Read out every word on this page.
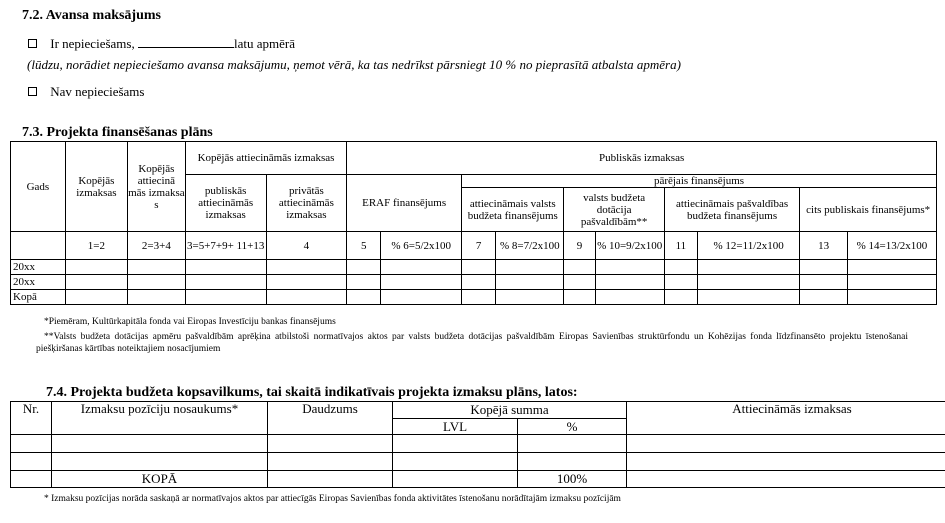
7.2. Avansa maksājums
Ir nepieciešams,	latu apmērā
(lūdzu, norādiet nepieciešamo avansa maksājumu, ņemot vērā, ka tas nedrīkst pārsniegt 10 % no pieprasītā atbalsta apmēra)
Nav nepieciešams
7.3. Projekta finansēšanas plāns
Gads	Kopējās izmaksas	Kopējās attiecinā mās izmaksa s	Kopējās attiecināmās izmaksas		Publiskās izmaksas									
			publiskās attiecināmās izmaksas	privātās attiecināmās izmaksas	ERAF finansējums		pārējais finansējums							
							attiecināmais valsts budžeta finansējums		valsts budžeta dotācija pašvaldībām**		attiecināmais pašvaldības budžeta finansējums		cits publiskais finansējums*	
	1=2	2=3+4	3=5+7+9+ 11+13	4	5	% 6=5/2x100	7	% 8=7/2x100	9	% 10=9/2x100	11	% 12=11/2x100	13	% 14=13/2x100
20xx														
20xx														
Kopā														
*Piemēram, Kultūrkapitāla fonda vai Eiropas Investīciju bankas finansējums
**Valsts budžeta dotācijas apmēru pašvaldībām aprēķina atbilstoši normatīvajos aktos par valsts budžeta dotācijas pašvaldībām Eiropas Savienības struktūrfondu un Kohēzijas fonda līdzfinansēto projektu īstenošanai piešķiršanas kārtības noteiktajiem nosacījumiem
7.4. Projekta budžeta kopsavilkums, tai skaitā indikatīvais projekta izmaksu plāns, latos:
Nr.	Izmaksu pozīciju nosaukums*	Daudzums	Kopējā summa		Attiecināmās izmaksas
			LVL	%	

	KOPĀ			100%	
* Izmaksu pozīcijas norāda saskaņā ar normatīvajos aktos par attiecīgās Eiropas Savienības fonda aktivitātes īstenošanu norādītajām izmaksu pozīcijām
